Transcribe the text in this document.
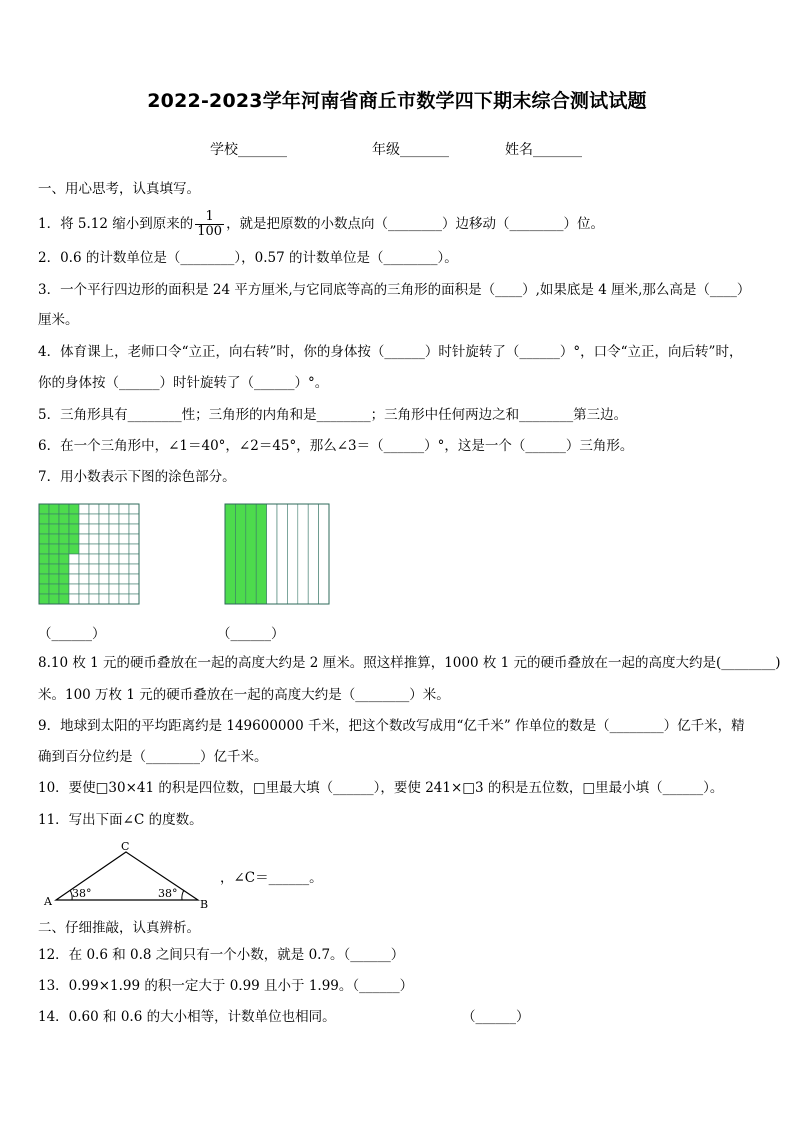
2022-2023学年河南省商丘市数学四下期末综合测试试题
学校_______	年级_______	姓名_______
一、用心思考，认真填写。
1．将 5.12 缩小到原来的 $\frac{1}{100}$ ，就是把原数的小数点向（________）边移动（________）位。
2．0.6 的计数单位是（________），0.57 的计数单位是（________）。
3．一个平行四边形的面积是 24 平方厘米,与它同底等高的三角形的面积是（____）,如果底是 4 厘米,那么高是（____）
厘米。
4．体育课上，老师口令“立正，向右转”时，你的身体按（______）时针旋转了（______）°，口令“立正，向后转”时，
你的身体按（______）时针旋转了（______）°。
5．三角形具有________性；三角形的内角和是________；三角形中任何两边之和________第三边。
6．在一个三角形中，∠1＝40°，∠2＝45°，那么∠3＝（______）°，这是一个（______）三角形。
7．用小数表示下图的涂色部分。
（______）	（______）
8.10 枚 1 元的硬币叠放在一起的高度大约是 2 厘米。照这样推算，1000 枚 1 元的硬币叠放在一起的高度大约是(________)
米。100 万枚 1 元的硬币叠放在一起的高度大约是（________）米。
9．地球到太阳的平均距离约是 149600000 千米，把这个数改写成用“亿千米” 作单位的数是（________）亿千米，精
确到百分位约是（________）亿千米。
10．要使□30×41 的积是四位数，□里最大填（______），要使 241×□3 的积是五位数，□里最小填（______）。
11．写出下面∠C 的度数。
C
A	B
38°	38°
，∠C＝______。
二、仔细推敲，认真辨析。
12．在 0.6 和 0.8 之间只有一个小数，就是 0.7。（______）
13．0.99×1.99 的积一定大于 0.99 且小于 1.99。（______）
14．0.60 和 0.6 的大小相等，计数单位也相同。	（______）
